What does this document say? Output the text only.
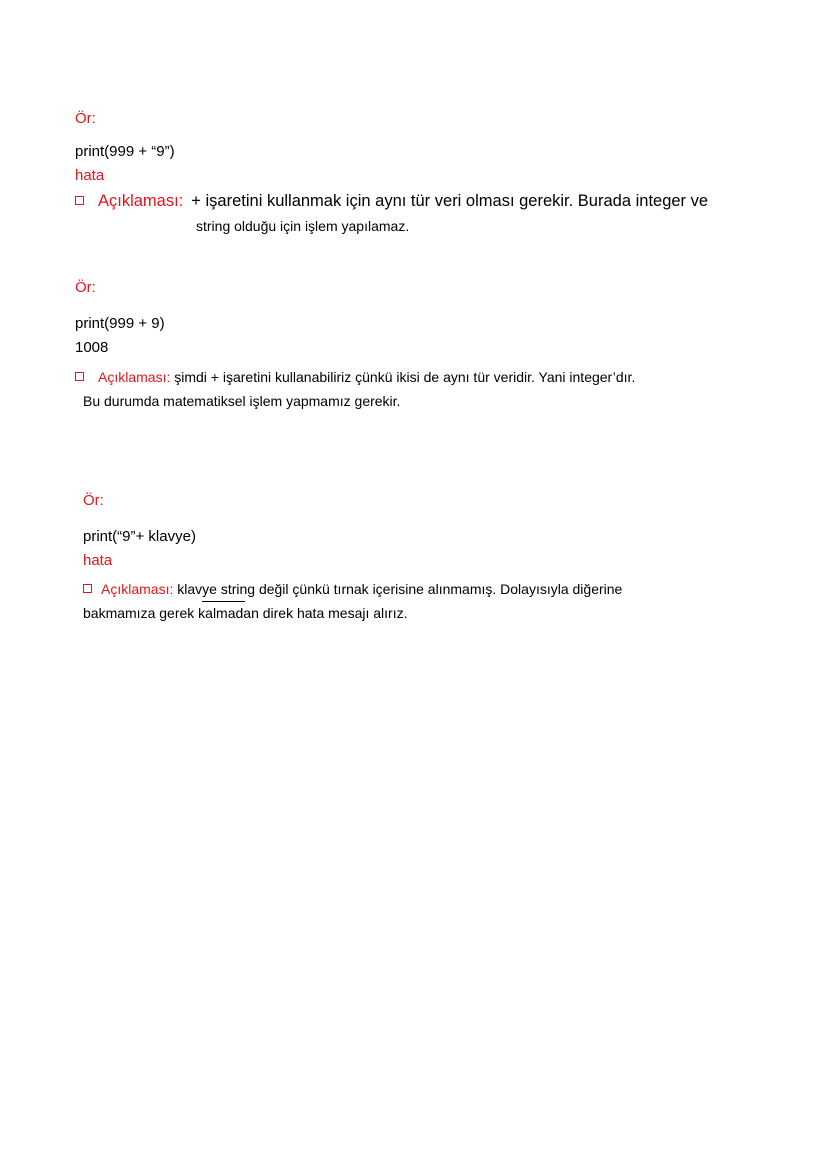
Ör:
print(999 + “9”)
hata
Açıklaması: + işaretini kullanmak için aynı tür veri olması gerekir. Burada integer ve
string olduğu için işlem yapılamaz.
Ör:
print(999 + 9)
1008
Açıklaması: şimdi + işaretini kullanabiliriz çünkü ikisi de aynı tür veridir. Yani integer’dır.
Bu durumda matematiksel işlem yapmamız gerekir.
Ör:
print(“9”+ klavye)
hata
Açıklaması: klavye string değil çünkü tırnak içerisine alınmamış. Dolayısıyla diğerine
bakmamıza gerek kalmadan direk hata mesajı alırız.
